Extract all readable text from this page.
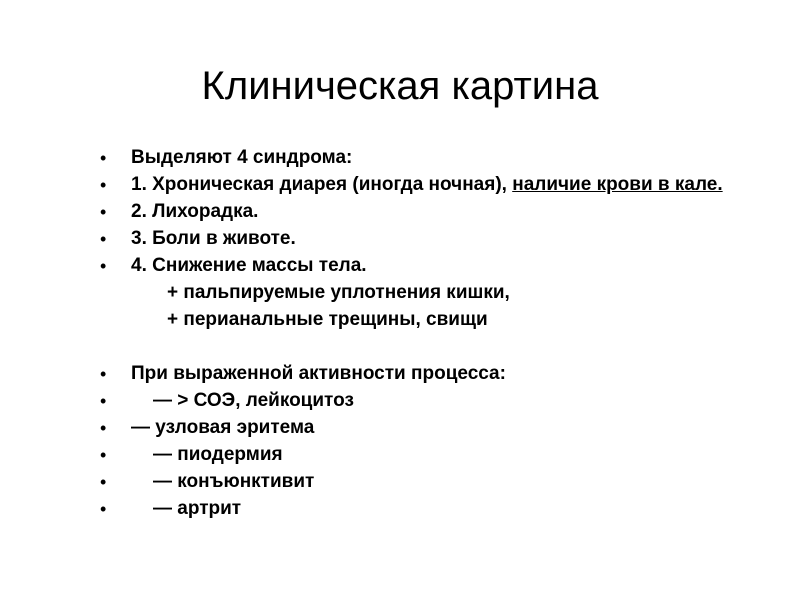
Клиническая картина
• Выделяют 4 синдрома:
• 1. Хроническая диарея (иногда ночная), наличие крови в кале.
• 2. Лихорадка.
• 3. Боли в животе.
• 4. Снижение массы тела.
+ пальпируемые уплотнения кишки,
+ перианальные трещины, свищи
• При выраженной активности процесса:
• — > СОЭ, лейкоцитоз
• — узловая эритема
• — пиодермия
• — конъюнктивит
• — артрит
